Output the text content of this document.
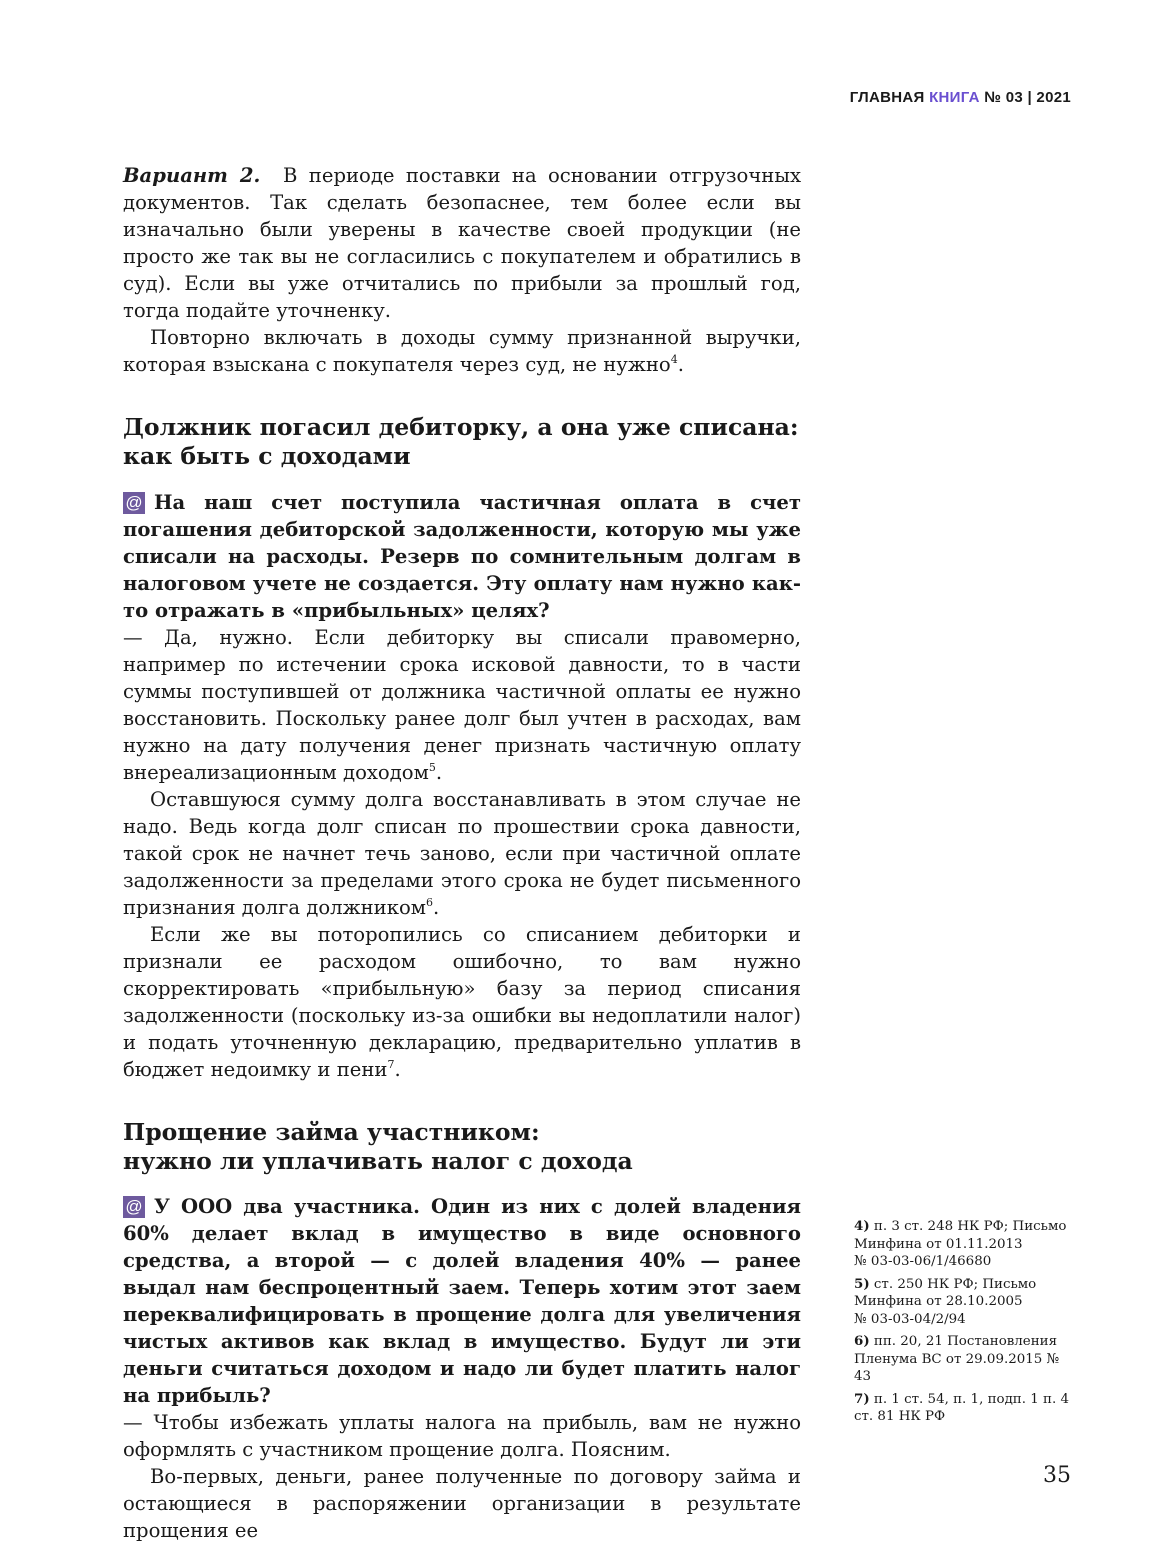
ГЛАВНАЯ КНИГА № 03 | 2021

Вариант 2. В периоде поставки на основании отгрузочных документов. Так сделать безопаснее, тем более если вы изначально были уверены в качестве своей продукции (не просто же так вы не согласились с покупателем и обратились в суд). Если вы уже отчитались по прибыли за прошлый год, тогда подайте уточненку.

Повторно включать в доходы сумму признанной выручки, которая взыскана с покупателя через суд, не нужно$^4$.

Должник погасил дебиторку, а она уже списана:
как быть с доходами

@ На наш счет поступила частичная оплата в счет погашения дебиторской задолженности, которую мы уже списали на расходы. Резерв по сомнительным долгам в налоговом учете не создается. Эту оплату нам нужно как-то отражать в «прибыльных» целях?

— Да, нужно. Если дебиторку вы списали правомерно, например по истечении срока исковой давности, то в части суммы поступившей от должника частичной оплаты ее нужно восстановить. Поскольку ранее долг был учтен в расходах, вам нужно на дату получения денег признать частичную оплату внереализационным доходом$^5$.

Оставшуюся сумму долга восстанавливать в этом случае не надо. Ведь когда долг списан по прошествии срока давности, такой срок не начнет течь заново, если при частичной оплате задолженности за пределами этого срока не будет письменного признания долга должником$^6$.

Если же вы поторопились со списанием дебиторки и признали ее расходом ошибочно, то вам нужно скорректировать «прибыльную» базу за период списания задолженности (поскольку из-за ошибки вы недоплатили налог) и подать уточненную декларацию, предварительно уплатив в бюджет недоимку и пени$^7$.

Прощение займа участником:
нужно ли уплачивать налог с дохода

@ У ООО два участника. Один из них с долей владения 60% делает вклад в имущество в виде основного средства, а второй — с долей владения 40% — ранее выдал нам беспроцентный заем. Теперь хотим этот заем переквалифицировать в прощение долга для увеличения чистых активов как вклад в имущество. Будут ли эти деньги считаться доходом и надо ли будет платить налог на прибыль?

— Чтобы избежать уплаты налога на прибыль, вам не нужно оформлять с участником прощение долга. Поясним.

Во-первых, деньги, ранее полученные по договору займа и остающиеся в распоряжении организации в результате прощения ее

4) п. 3 ст. 248 НК РФ; Письмо
Минфина от 01.11.2013
№ 03-03-06/1/46680
5) ст. 250 НК РФ; Письмо
Минфина от 28.10.2005
№ 03-03-04/2/94
6) пп. 20, 21 Постановления
Пленума ВС от 29.09.2015 № 43
7) п. 1 ст. 54, п. 1, подп. 1 п. 4
ст. 81 НК РФ
35
